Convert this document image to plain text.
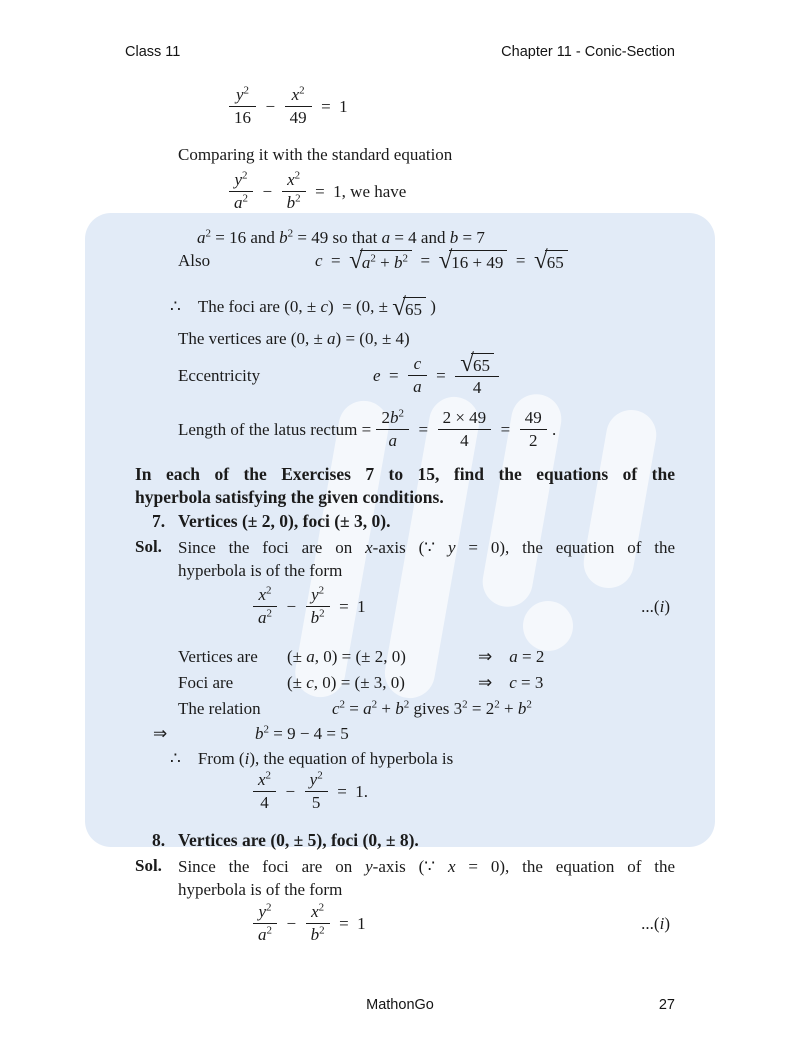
Class 11	Chapter 11 - Conic-Section
$\frac{y^2}{16}$  −  $\frac{x^2}{49}$  = 1
Comparing it with the standard equation
$\frac{y^2}{a^2}$  −  $\frac{x^2}{b^2}$  = 1, we have
$a^2 = 16$ and $b^2 = 49$ so that a = 4 and b = 7
Also	c  =  √ $a^2 + b^2$  =  √ 16 + 49  =  √ 65
∴ The foci are (0, ± c)  = (0, ± √ 65 )
The vertices are (0, ± a) = (0, ± 4)
Eccentricity	e  =  $\frac{c}{a}$  =  $\frac{√ 65}{4}$
Length of the latus rectum = $\frac{2b^2}{a}$  =  $\frac{2 \times 49}{4}$  =  $\frac{49}{2}$ .
In each of the Exercises 7 to 15, find the equations of the
hyperbola satisfying the given conditions.
7. Vertices (± 2, 0), foci (± 3, 0).
Sol. Since the foci are on x-axis (∵ y = 0), the equation of the
hyperbola is of the form
$\frac{x^2}{a^2}$  −  $\frac{y^2}{b^2}$  = 1	...(i)
Vertices are	(± a, 0) = (± 2, 0)	⇒ a = 2
Foci are	(± c, 0) = (± 3, 0)	⇒ c = 3
The relation	$c^2 = a^2 + b^2$ gives $3^2 = 2^2 + b^2$
⇒	$b^2 = 9 - 4 = 5$
∴ From (i), the equation of hyperbola is
$\frac{x^2}{4}$  −  $\frac{y^2}{5}$  = 1.
8. Vertices are (0, ± 5), foci (0, ± 8).
Sol. Since the foci are on y-axis (∵ x = 0), the equation of the
hyperbola is of the form
$\frac{y^2}{a^2}$  −  $\frac{x^2}{b^2}$  = 1	...(i)
MathonGo	27
